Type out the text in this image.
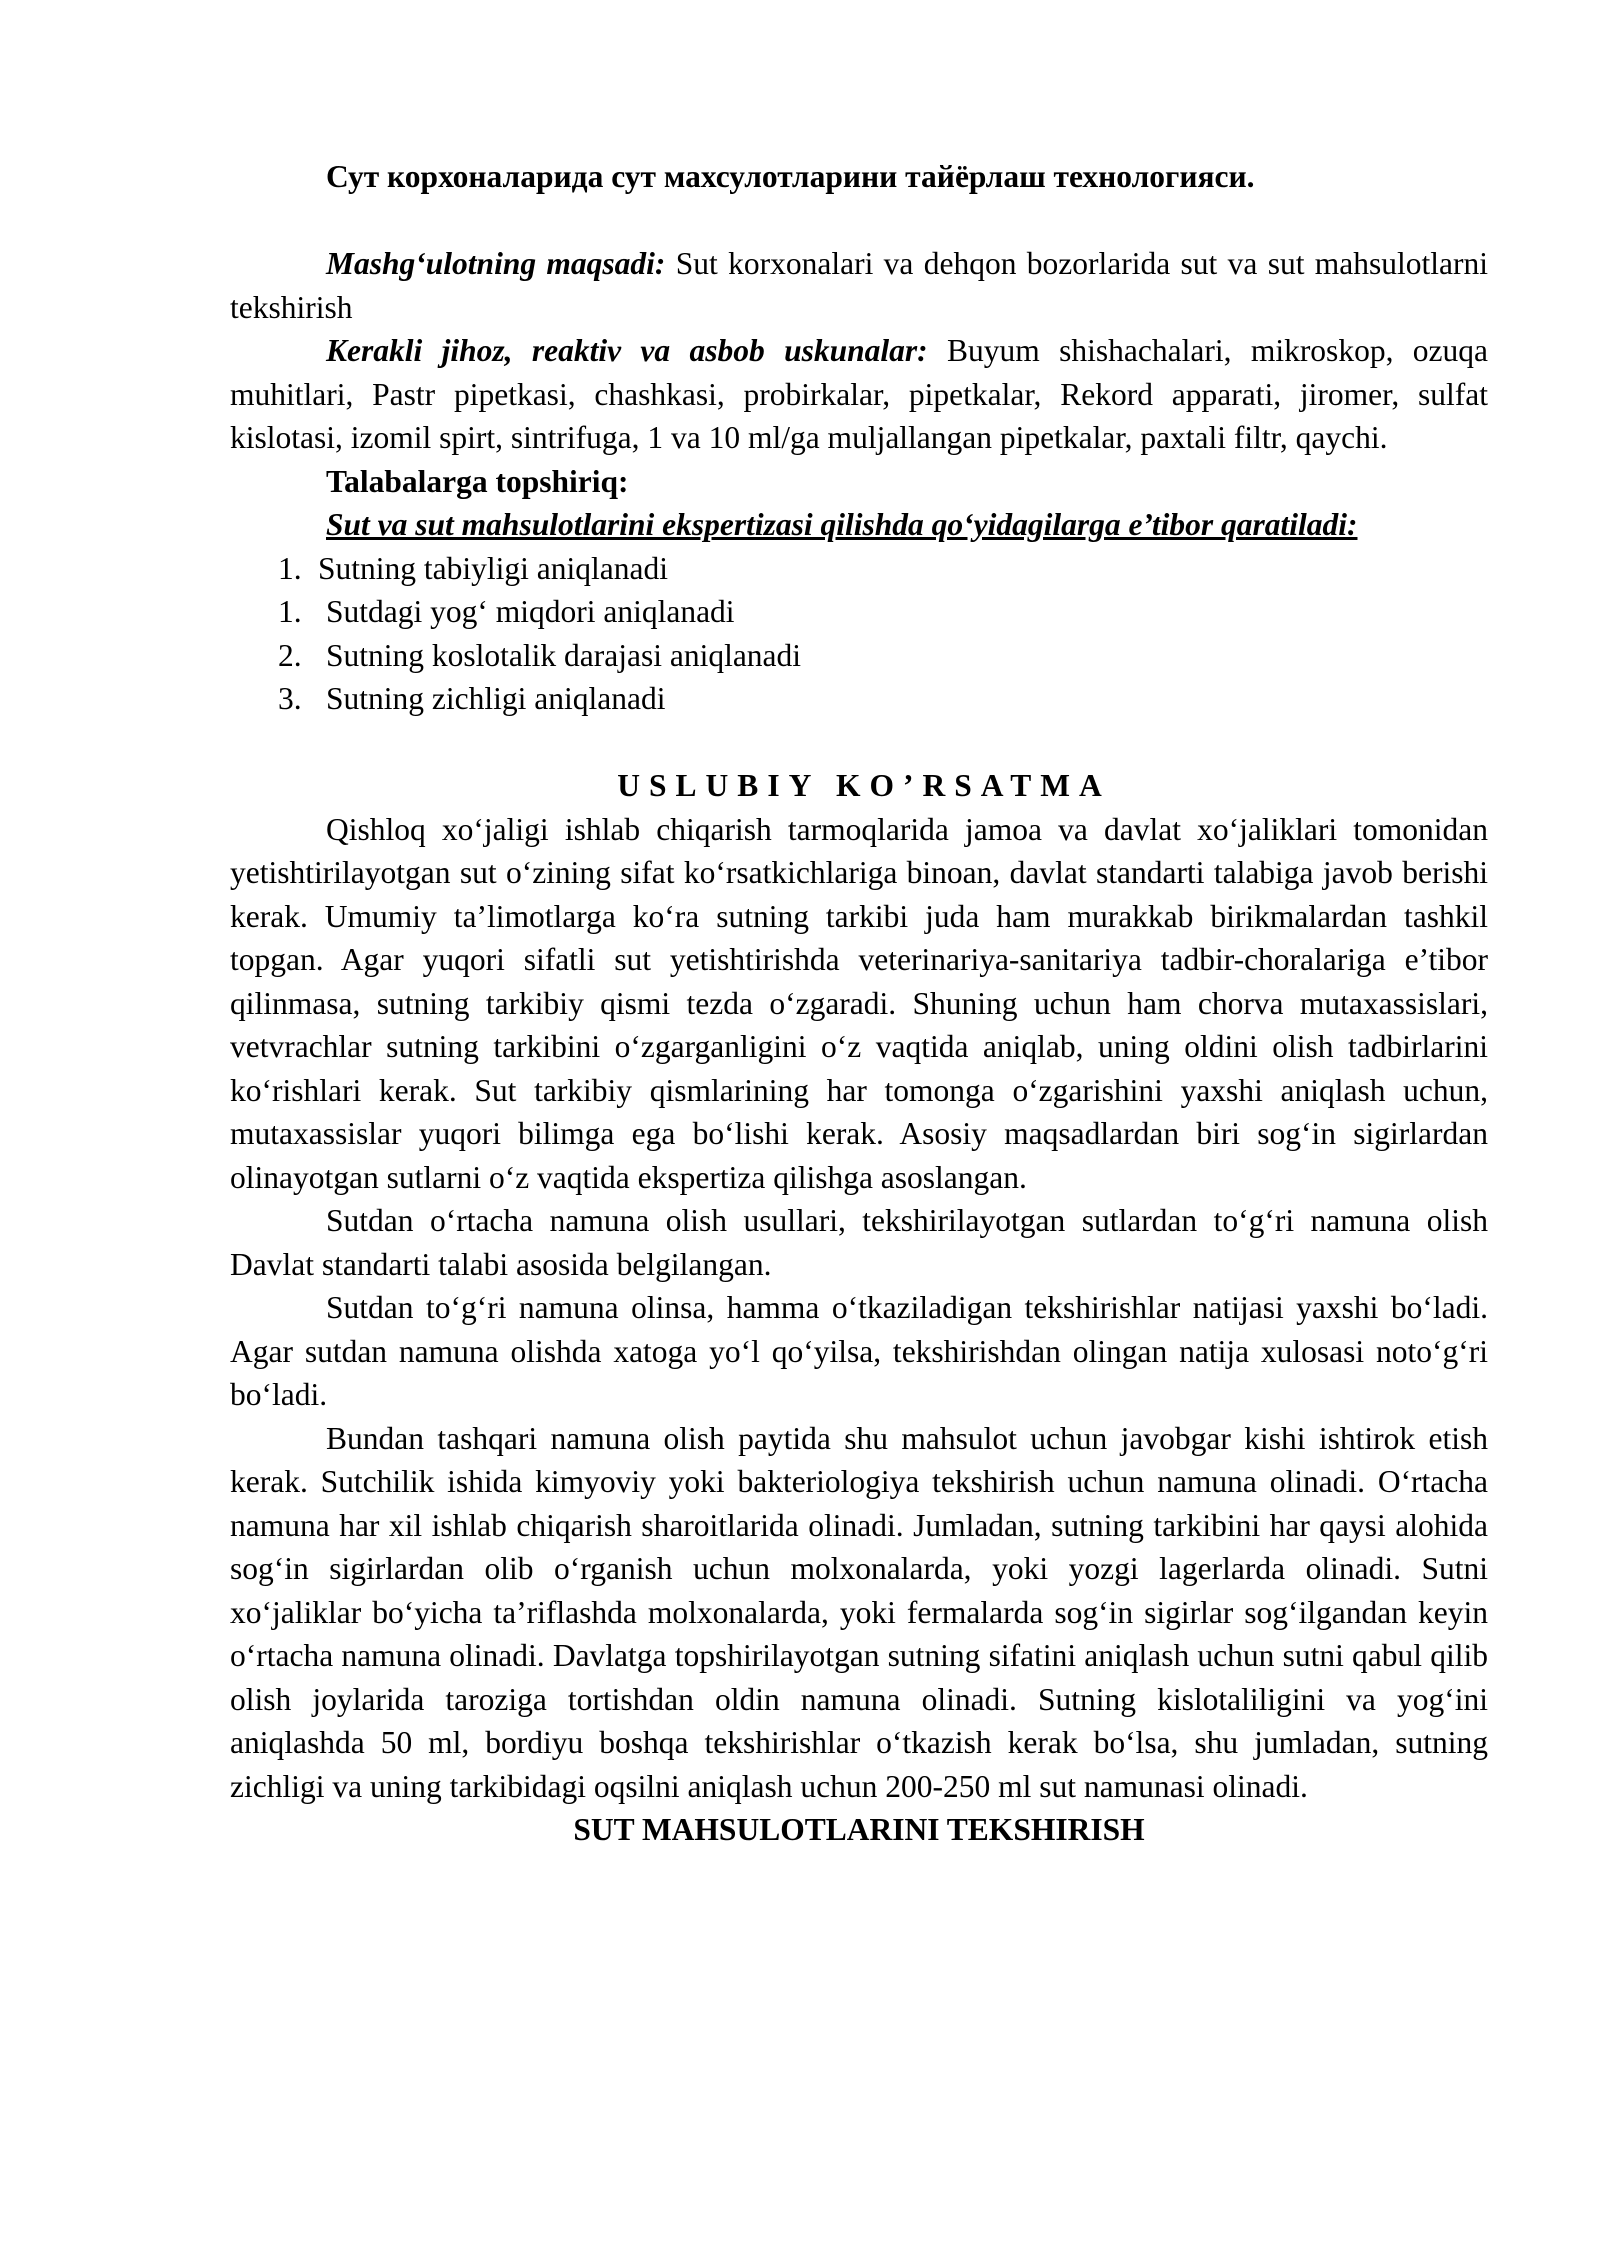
Сут корхоналарида сут махсулотларини тайёрлаш технологияси.

Mashg‘ulotning maqsadi: Sut korxonalari va dehqon bozorlarida sut va sut mahsulotlarni tekshirish

Kerakli jihoz, reaktiv va asbob uskunalar: Buyum shishachalari, mikroskop, ozuqa muhitlari, Pastr pipetkasi, chashkasi, probirkalar, pipetkalar, Rekord apparati, jiromer, sulfat kislotasi, izomil spirt, sintrifuga, 1 va 10 ml/ga muljallangan pipetkalar, paxtali filtr, qaychi.

Talabalarga topshiriq:

Sut va sut mahsulotlarini ekspertizasi qilishda qo‘yidagilarga e’tibor qaratiladi:

1. Sutning tabiyligi aniqlanadi
1. Sutdagi yog‘ miqdori aniqlanadi
2. Sutning koslotalik darajasi aniqlanadi
3. Sutning zichligi aniqlanadi

USLUBIY KO’RSATMA

Qishloq xo‘jaligi ishlab chiqarish tarmoqlarida jamoa va davlat xo‘jaliklari tomonidan yetishtirilayotgan sut o‘zining sifat ko‘rsatkichlariga binoan, davlat standarti talabiga javob berishi kerak. Umumiy ta’limotlarga ko‘ra sutning tarkibi juda ham murakkab birikmalardan tashkil topgan. Agar yuqori sifatli sut yetishtirishda veterinariya-sanitariya tadbir-choralariga e’tibor qilinmasa, sutning tarkibiy qismi tezda o‘zgaradi. Shuning uchun ham chorva mutaxassislari, vetvrachlar sutning tarkibini o‘zgarganligini o‘z vaqtida aniqlab, uning oldini olish tadbirlarini ko‘rishlari kerak. Sut tarkibiy qismlarining har tomonga o‘zgarishini yaxshi aniqlash uchun, mutaxassislar yuqori bilimga ega bo‘lishi kerak. Asosiy maqsadlardan biri sog‘in sigirlardan olinayotgan sutlarni o‘z vaqtida ekspertiza qilishga asoslangan.

Sutdan o‘rtacha namuna olish usullari, tekshirilayotgan sutlardan to‘g‘ri namuna olish Davlat standarti talabi asosida belgilangan.

Sutdan to‘g‘ri namuna olinsa, hamma o‘tkaziladigan tekshirishlar natijasi yaxshi bo‘ladi. Agar sutdan namuna olishda xatoga yo‘l qo‘yilsa, tekshirishdan olingan natija xulosasi noto‘g‘ri bo‘ladi.

Bundan tashqari namuna olish paytida shu mahsulot uchun javobgar kishi ishtirok etish kerak. Sutchilik ishida kimyoviy yoki bakteriologiya tekshirish uchun namuna olinadi. O‘rtacha namuna har xil ishlab chiqarish sharoitlarida olinadi. Jumladan, sutning tarkibini har qaysi alohida sog‘in sigirlardan olib o‘rganish uchun molxonalarda, yoki yozgi lagerlarda olinadi. Sutni xo‘jaliklar bo‘yicha ta’riflashda molxonalarda, yoki fermalarda sog‘in sigirlar sog‘ilgandan keyin o‘rtacha namuna olinadi. Davlatga topshirilayotgan sutning sifatini aniqlash uchun sutni qabul qilib olish joylarida taroziga tortishdan oldin namuna olinadi. Sutning kislotaliligini va yog‘ini aniqlashda 50 ml, bordiyu boshqa tekshirishlar o‘tkazish kerak bo‘lsa, shu jumladan, sutning zichligi va uning tarkibidagi oqsilni aniqlash uchun 200-250 ml sut namunasi olinadi.

SUT MAHSULOTLARINI TEKSHIRISH
